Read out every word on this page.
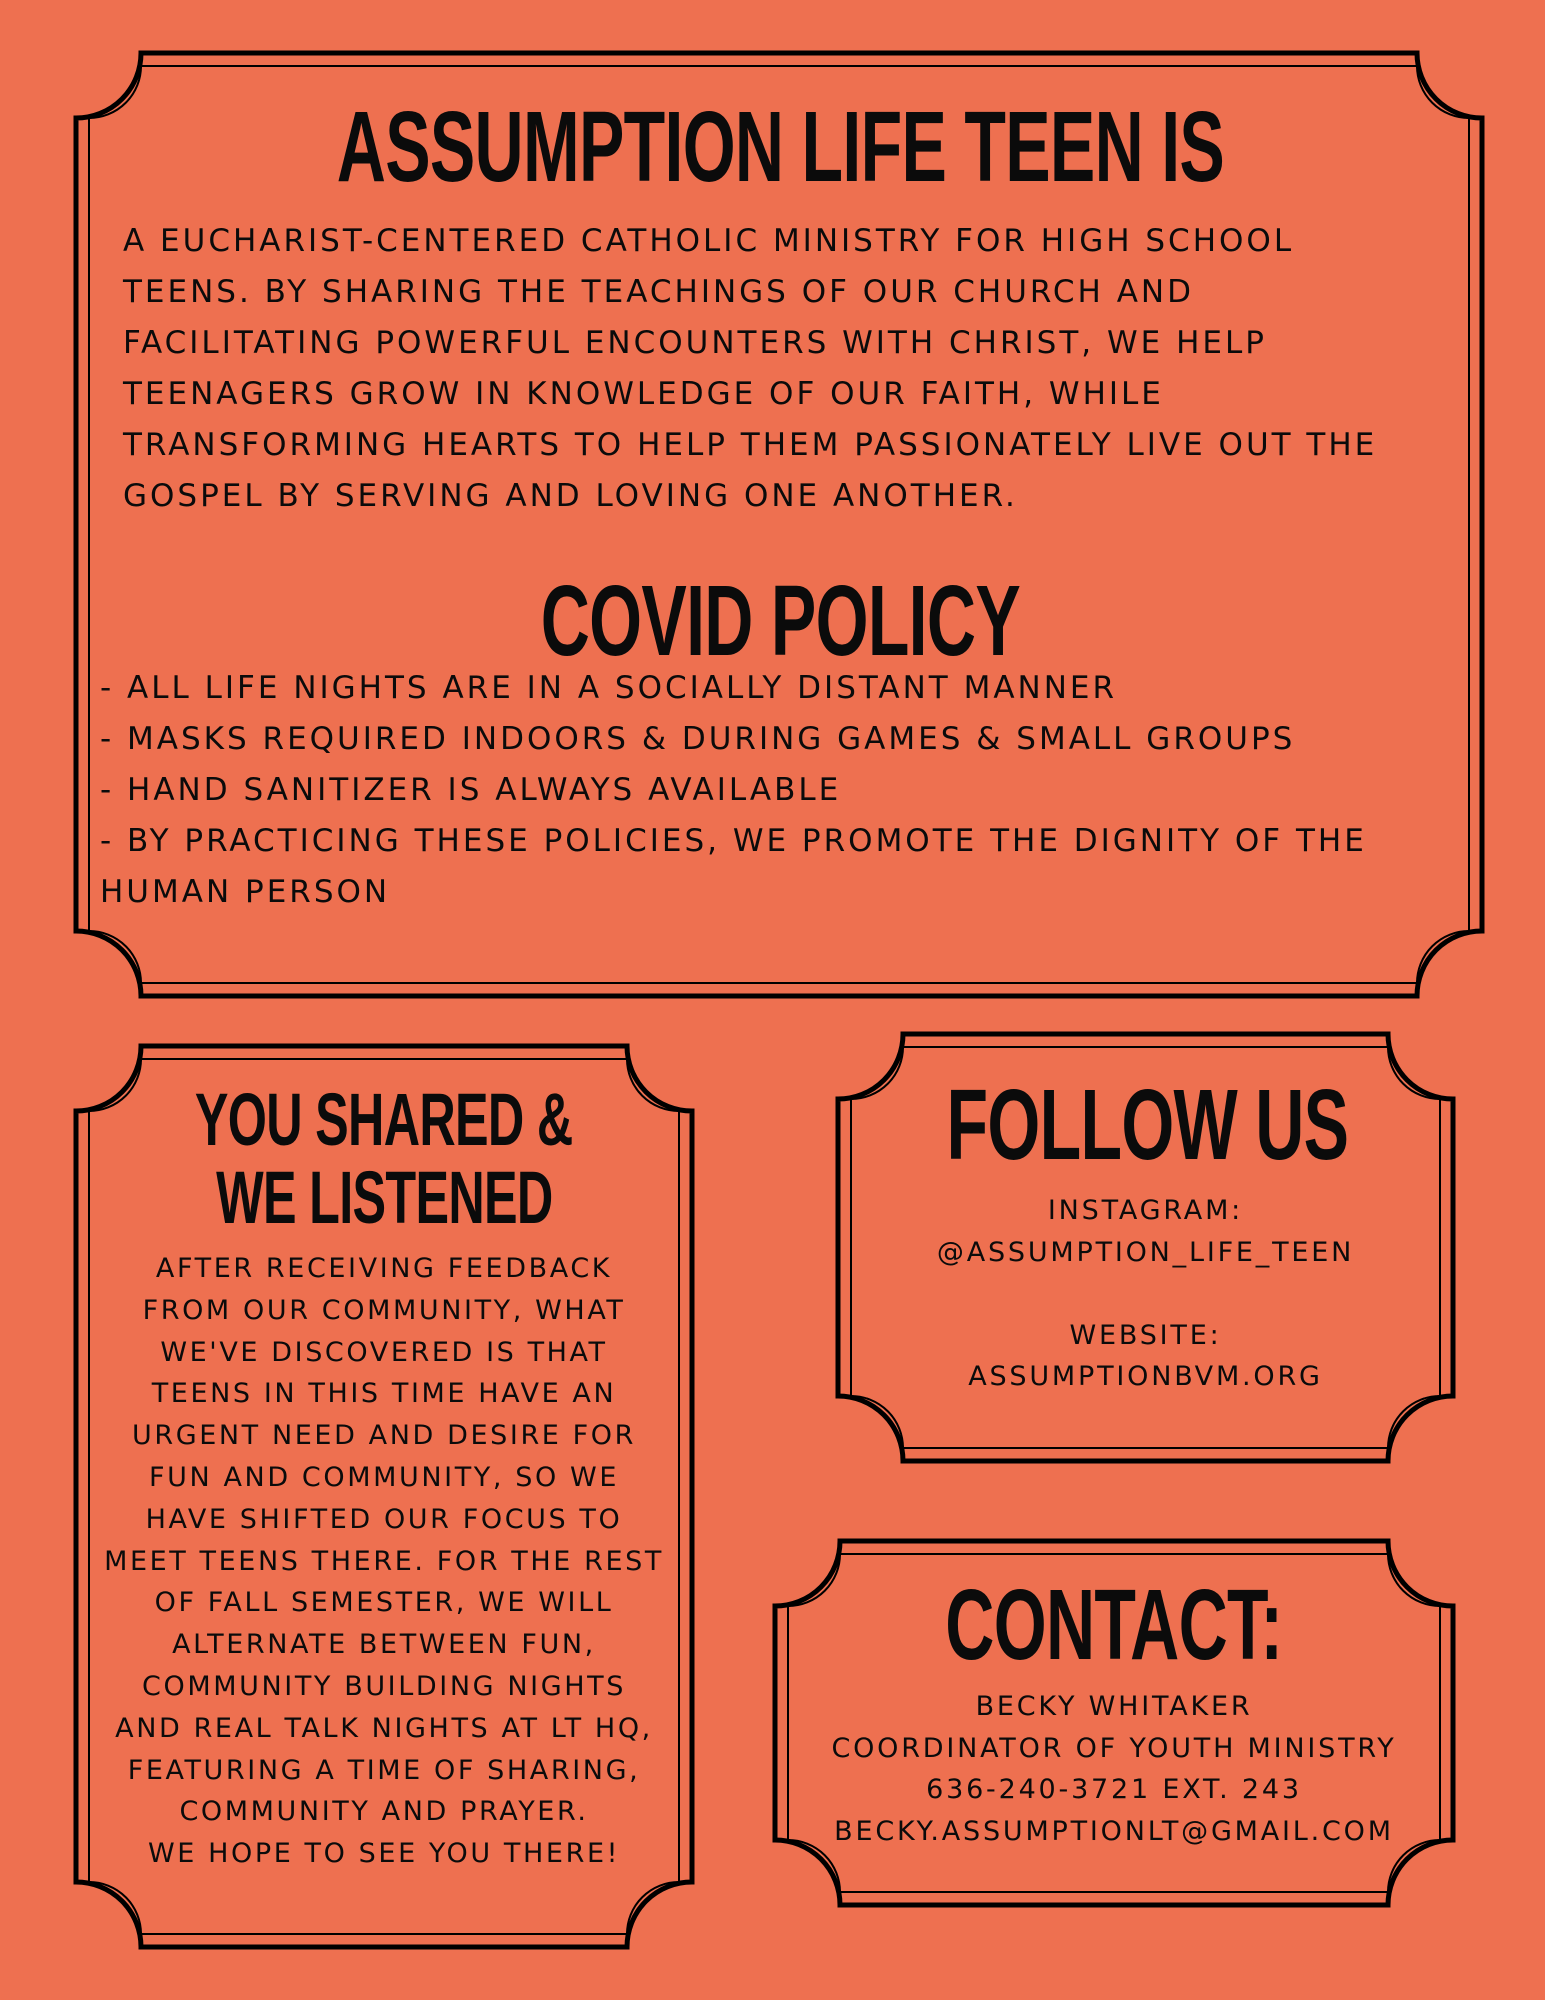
ASSUMPTION LIFE TEEN IS
A EUCHARIST-CENTERED CATHOLIC MINISTRY FOR HIGH SCHOOL
TEENS. BY SHARING THE TEACHINGS OF OUR CHURCH AND
FACILITATING POWERFUL ENCOUNTERS WITH CHRIST, WE HELP
TEENAGERS GROW IN KNOWLEDGE OF OUR FAITH, WHILE
TRANSFORMING HEARTS TO HELP THEM PASSIONATELY LIVE OUT THE
GOSPEL BY SERVING AND LOVING ONE ANOTHER.
COVID POLICY
- ALL LIFE NIGHTS ARE IN A SOCIALLY DISTANT MANNER
- MASKS REQUIRED INDOORS & DURING GAMES & SMALL GROUPS
- HAND SANITIZER IS ALWAYS AVAILABLE
- BY PRACTICING THESE POLICIES, WE PROMOTE THE DIGNITY OF THE
HUMAN PERSON
YOU SHARED &
WE LISTENED
AFTER RECEIVING FEEDBACK
FROM OUR COMMUNITY, WHAT
WE'VE DISCOVERED IS THAT
TEENS IN THIS TIME HAVE AN
URGENT NEED AND DESIRE FOR
FUN AND COMMUNITY, SO WE
HAVE SHIFTED OUR FOCUS TO
MEET TEENS THERE. FOR THE REST
OF FALL SEMESTER, WE WILL
ALTERNATE BETWEEN FUN,
COMMUNITY BUILDING NIGHTS
AND REAL TALK NIGHTS AT LT HQ,
FEATURING A TIME OF SHARING,
COMMUNITY AND PRAYER.
WE HOPE TO SEE YOU THERE!
FOLLOW US
INSTAGRAM:
@ASSUMPTION_LIFE_TEEN

WEBSITE:
ASSUMPTIONBVM.ORG
CONTACT:
BECKY WHITAKER
COORDINATOR OF YOUTH MINISTRY
636-240-3721 EXT. 243
BECKY.ASSUMPTIONLT@GMAIL.COM
